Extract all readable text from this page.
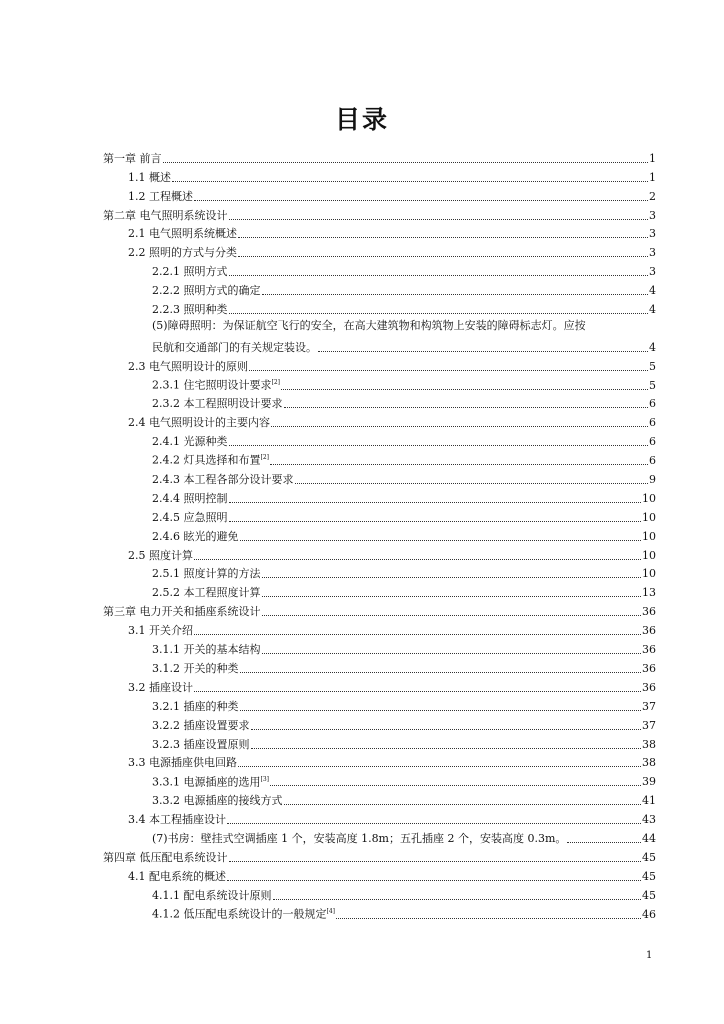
目录
第一章 前言	1
1.1 概述	1
1.2 工程概述	2
第二章 电气照明系统设计	3
2.1 电气照明系统概述	3
2.2 照明的方式与分类	3
2.2.1 照明方式	3
2.2.2 照明方式的确定	4
2.2.3 照明种类	4
(5)障碍照明：为保证航空飞行的安全，在高大建筑物和构筑物上安装的障碍标志灯。应按
民航和交通部门的有关规定装设。	4
2.3 电气照明设计的原则	5
2.3.1 住宅照明设计要求[2]	5
2.3.2 本工程照明设计要求	6
2.4 电气照明设计的主要内容	6
2.4.1 光源种类	6
2.4.2 灯具选择和布置[2]	6
2.4.3 本工程各部分设计要求	9
2.4.4 照明控制	10
2.4.5 应急照明	10
2.4.6 眩光的避免	10
2.5 照度计算	10
2.5.1 照度计算的方法	10
2.5.2 本工程照度计算	13
第三章 电力开关和插座系统设计	36
3.1 开关介绍	36
3.1.1 开关的基本结构	36
3.1.2 开关的种类	36
3.2 插座设计	36
3.2.1 插座的种类	37
3.2.2 插座设置要求	37
3.2.3 插座设置原则	38
3.3 电源插座供电回路	38
3.3.1 电源插座的选用[3]	39
3.3.2 电源插座的接线方式	41
3.4 本工程插座设计	43
(7)书房：壁挂式空调插座 1 个，安装高度 1.8m；五孔插座 2 个，安装高度 0.3m。	44
第四章 低压配电系统设计	45
4.1 配电系统的概述	45
4.1.1 配电系统设计原则	45
4.1.2 低压配电系统设计的一般规定[4]	46
1
